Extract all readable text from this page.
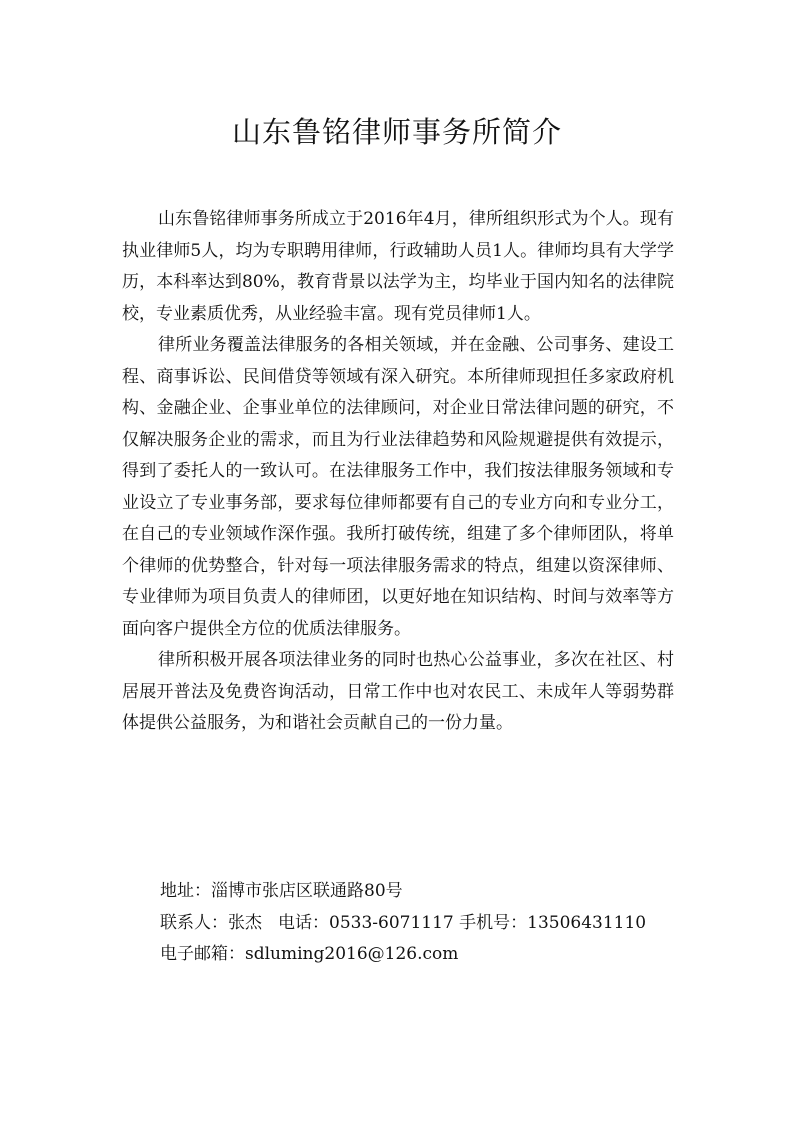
山东鲁铭律师事务所简介

山东鲁铭律师事务所成立于2016年4月，律所组织形式为个人。现有执业律师5人，均为专职聘用律师，行政辅助人员1人。律师均具有大学学历，本科率达到80%，教育背景以法学为主，均毕业于国内知名的法律院校，专业素质优秀，从业经验丰富。现有党员律师1人。

律所业务覆盖法律服务的各相关领域，并在金融、公司事务、建设工程、商事诉讼、民间借贷等领域有深入研究。本所律师现担任多家政府机构、金融企业、企事业单位的法律顾问，对企业日常法律问题的研究，不仅解决服务企业的需求，而且为行业法律趋势和风险规避提供有效提示，得到了委托人的一致认可。在法律服务工作中，我们按法律服务领域和专业设立了专业事务部，要求每位律师都要有自己的专业方向和专业分工，在自己的专业领域作深作强。我所打破传统，组建了多个律师团队，将单个律师的优势整合，针对每一项法律服务需求的特点，组建以资深律师、专业律师为项目负责人的律师团，以更好地在知识结构、时间与效率等方面向客户提供全方位的优质法律服务。

律所积极开展各项法律业务的同时也热心公益事业，多次在社区、村居展开普法及免费咨询活动，日常工作中也对农民工、未成年人等弱势群体提供公益服务，为和谐社会贡献自己的一份力量。

地址：淄博市张店区联通路80号

联系人：张杰 电话：0533-6071117 手机号：13506431110

电子邮箱：sdluming2016@126.com
